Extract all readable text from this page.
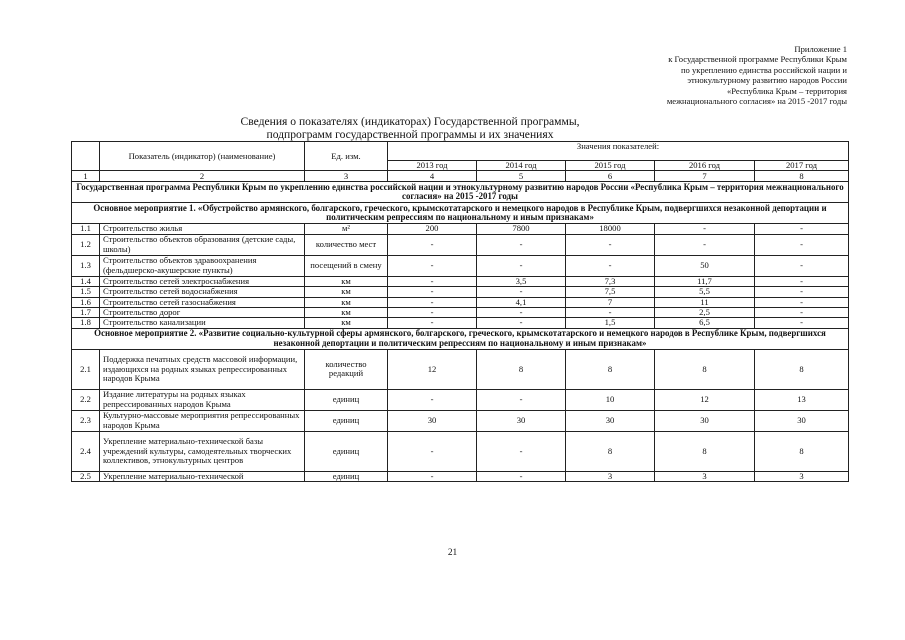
Приложение 1
к Государственной программе Республики Крым
по укреплению единства российской нации и
этнокультурному развитию народов России
«Республика Крым – территория
межнационального согласия» на 2015 -2017 годы
Сведения о показателях (индикаторах) Государственной программы,
подпрограмм государственной программы и их значениях
	Показатель (индикатор) (наименование)	Ед. изм.	Значения показателей:				
			2013 год	2014 год	2015 год	2016 год	2017 год
1	2	3	4	5	6	7	8
Государственная программа Республики Крым по укреплению единства российской нации и этнокультурному развитию народов России «Республика Крым – территория межнационального согласия» на 2015 -2017 годы							
Основное мероприятие 1. «Обустройство армянского, болгарского, греческого, крымскотатарского и немецкого народов в Республике Крым, подвергшихся незаконной депортации и политическим репрессиям по национальному и иным признакам»							
1.1	Строительство жилья	м²	200	7800	18000	-	-
1.2	Строительство объектов образования (детские сады, школы)	количество мест	-	-	-	-	-
1.3	Строительство объектов здравоохранения (фельдшерско-акушерские пункты)	посещений в смену	-	-	-	50	-
1.4	Строительство сетей электроснабжения	км	-	3,5	7,3	11,7	-
1.5	Строительство сетей водоснабжения	км	-	-	7,5	5,5	-
1.6	Строительство сетей газоснабжения	км	-	4,1	7	11	-
1.7	Строительство дорог	км	-	-	-	2,5	-
1.8	Строительство канализации	км	-	-	1,5	6,5	-
Основное мероприятие 2. «Развитие социально-культурной сферы армянского, болгарского, греческого, крымскотатарского и немецкого народов в Республике Крым, подвергшихся незаконной депортации и политическим репрессиям по национальному и иным признакам»							
2.1	Поддержка печатных средств массовой информации, издающихся на родных языках репрессированных народов Крыма	количество редакций	12	8	8	8	8
2.2	Издание литературы на родных языках репрессированных народов Крыма	единиц	-	-	10	12	13
2.3	Культурно-массовые мероприятия репрессированных народов Крыма	единиц	30	30	30	30	30
2.4	Укрепление материально-технической базы учреждений культуры, самодеятельных творческих коллективов, этнокультурных центров	единиц	-	-	8	8	8
2.5	Укрепление материально-технической	единиц	-	-	3	3	3
21
